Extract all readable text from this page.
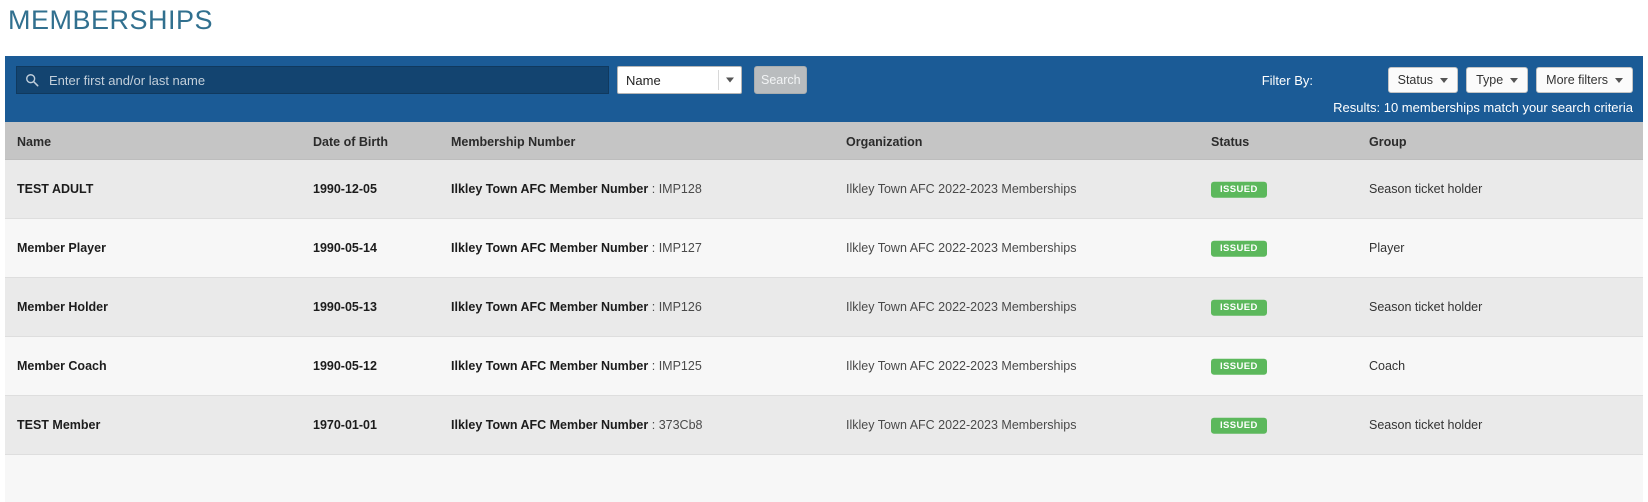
MEMBERSHIPS
Enter first and/or last name
Name	Search	Filter By:	Status	Type	More filters
Results: 10 memberships match your search criteria
Name	Date of Birth	Membership Number	Organization	Status	Group
TEST ADULT	1990-12-05	Ilkley Town AFC Member Number : IMP128	Ilkley Town AFC 2022-2023 Memberships	ISSUED	Season ticket holder
Member Player	1990-05-14	Ilkley Town AFC Member Number : IMP127	Ilkley Town AFC 2022-2023 Memberships	ISSUED	Player
Member Holder	1990-05-13	Ilkley Town AFC Member Number : IMP126	Ilkley Town AFC 2022-2023 Memberships	ISSUED	Season ticket holder
Member Coach	1990-05-12	Ilkley Town AFC Member Number : IMP125	Ilkley Town AFC 2022-2023 Memberships	ISSUED	Coach
TEST Member	1970-01-01	Ilkley Town AFC Member Number : 373Cb8	Ilkley Town AFC 2022-2023 Memberships	ISSUED	Season ticket holder
